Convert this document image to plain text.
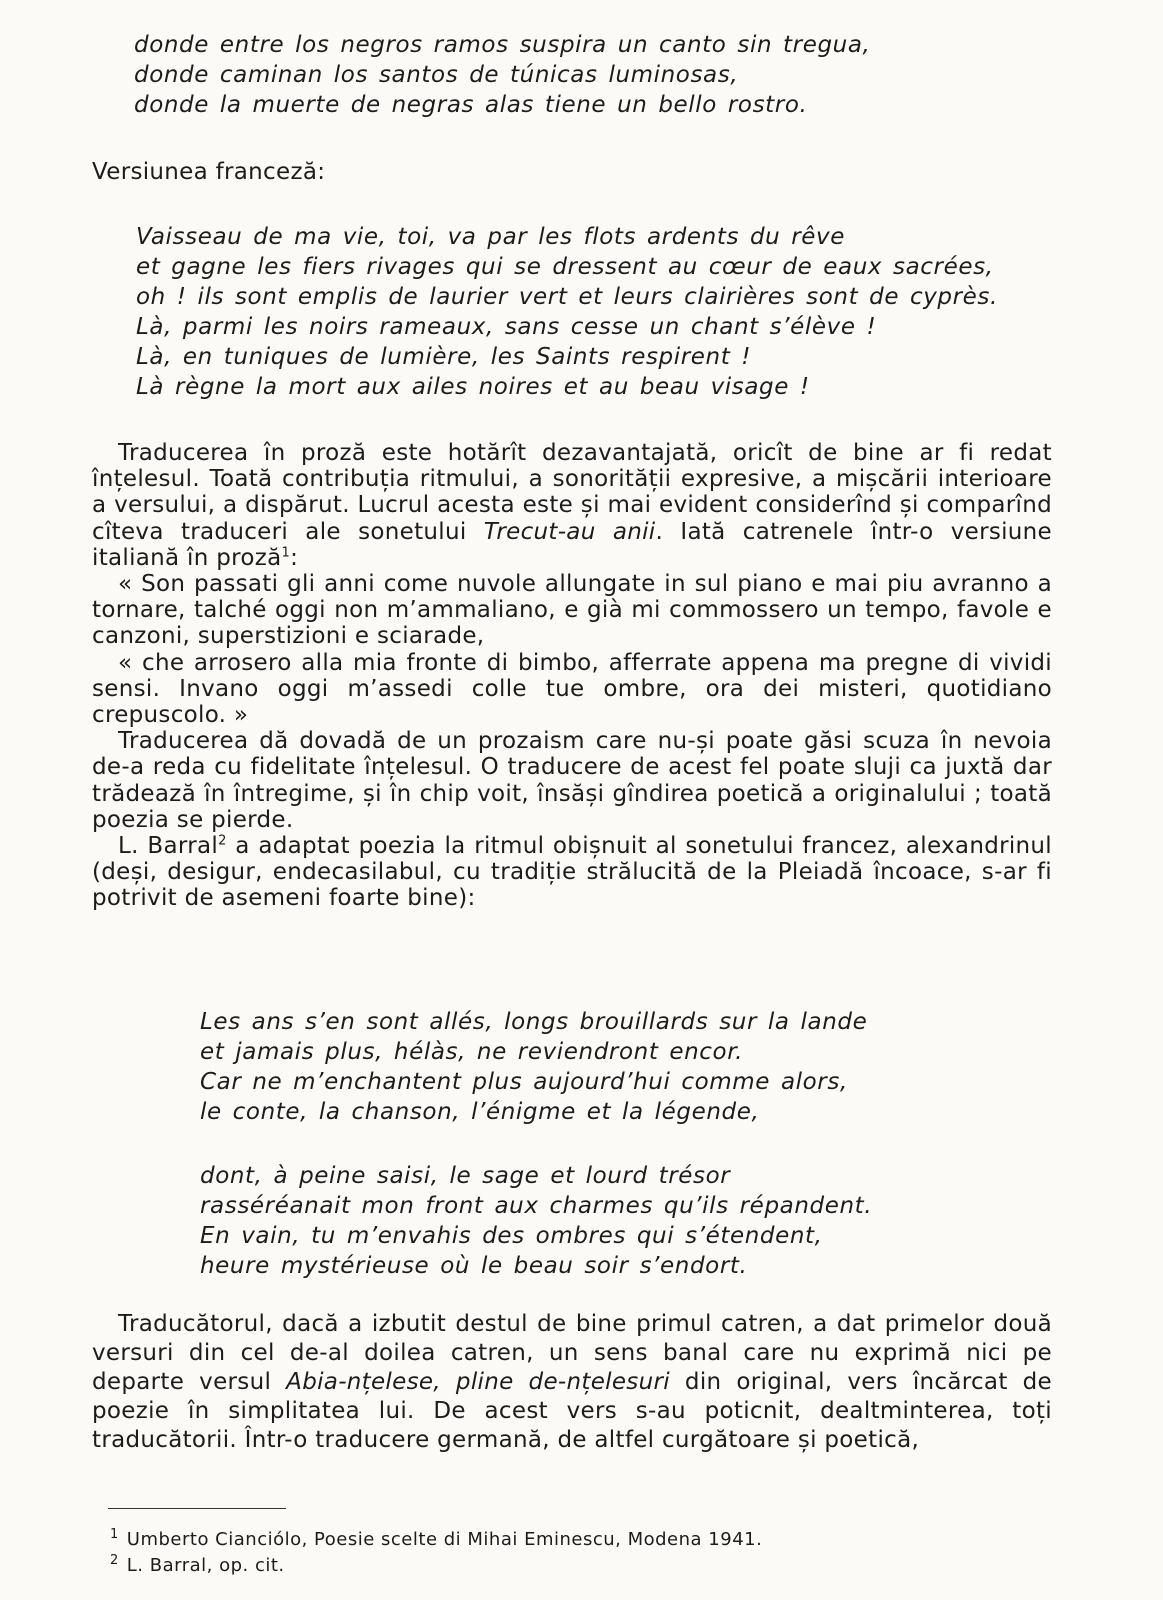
donde entre los negros ramos suspira un canto sin tregua,
donde caminan los santos de túnicas luminosas,
donde la muerte de negras alas tiene un bello rostro.
Versiunea franceză:
Vaisseau de ma vie, toi, va par les flots ardents du rêve
et gagne les fiers rivages qui se dressent au cœur de eaux sacrées,
oh ! ils sont emplis de laurier vert et leurs clairières sont de cyprès.
Là, parmi les noirs rameaux, sans cesse un chant s’élève !
Là, en tuniques de lumière, les Saints respirent !
Là règne la mort aux ailes noires et au beau visage !

Traducerea în proză este hotărît dezavantajată, oricît de bine ar fi redat înțelesul. Toată contribuția ritmului, a sonorității expresive, a mișcării interioare a versului, a dispărut. Lucrul acesta este și mai evident considerînd și comparînd cîteva traduceri ale sonetului Trecut-au anii. Iată catrenele într-o versiune italiană în proză$^1$:

« Son passati gli anni come nuvole allungate in sul piano e mai piu avranno a tornare, talché oggi non m’ammaliano, e già mi commossero un tempo, favole e canzoni, superstizioni e sciarade,

« che arrosero alla mia fronte di bimbo, afferrate appena ma pregne di vividi sensi. Invano oggi m’assedi colle tue ombre, ora dei misteri, quotidiano crepuscolo. »

Traducerea dă dovadă de un prozaism care nu-și poate găsi scuza în nevoia de-a reda cu fidelitate înțelesul. O traducere de acest fel poate sluji ca juxtă dar trădează în întregime, și în chip voit, însăși gîndirea poetică a originalului ; toată poezia se pierde.

L. Barral$^2$ a adaptat poezia la ritmul obișnuit al sonetului francez, alexandrinul (deși, desigur, endecasilabul, cu tradiție strălucită de la Pleiadă încoace, s-ar fi potrivit de asemeni foarte bine):

Les ans s’en sont allés, longs brouillards sur la lande
et jamais plus, hélàs, ne reviendront encor.
Car ne m’enchantent plus aujourd’hui comme alors,
le conte, la chanson, l’énigme et la légende,
dont, à peine saisi, le sage et lourd trésor
rasséréanait mon front aux charmes qu’ils répandent.
En vain, tu m’envahis des ombres qui s’étendent,
heure mystérieuse où le beau soir s’endort.

Traducătorul, dacă a izbutit destul de bine primul catren, a dat primelor două versuri din cel de-al doilea catren, un sens banal care nu exprimă nici pe departe versul Abia-nțelese, pline de-nțelesuri din original, vers încărcat de poezie în simplitatea lui. De acest vers s-au poticnit, dealtminterea, toți traducătorii. Într-o traducere germană, de altfel curgătoare și poetică,

$^1$ Umberto Cianciólo, Poesie scelte di Mihai Eminescu, Modena 1941.
$^2$ L. Barral, op. cit.
